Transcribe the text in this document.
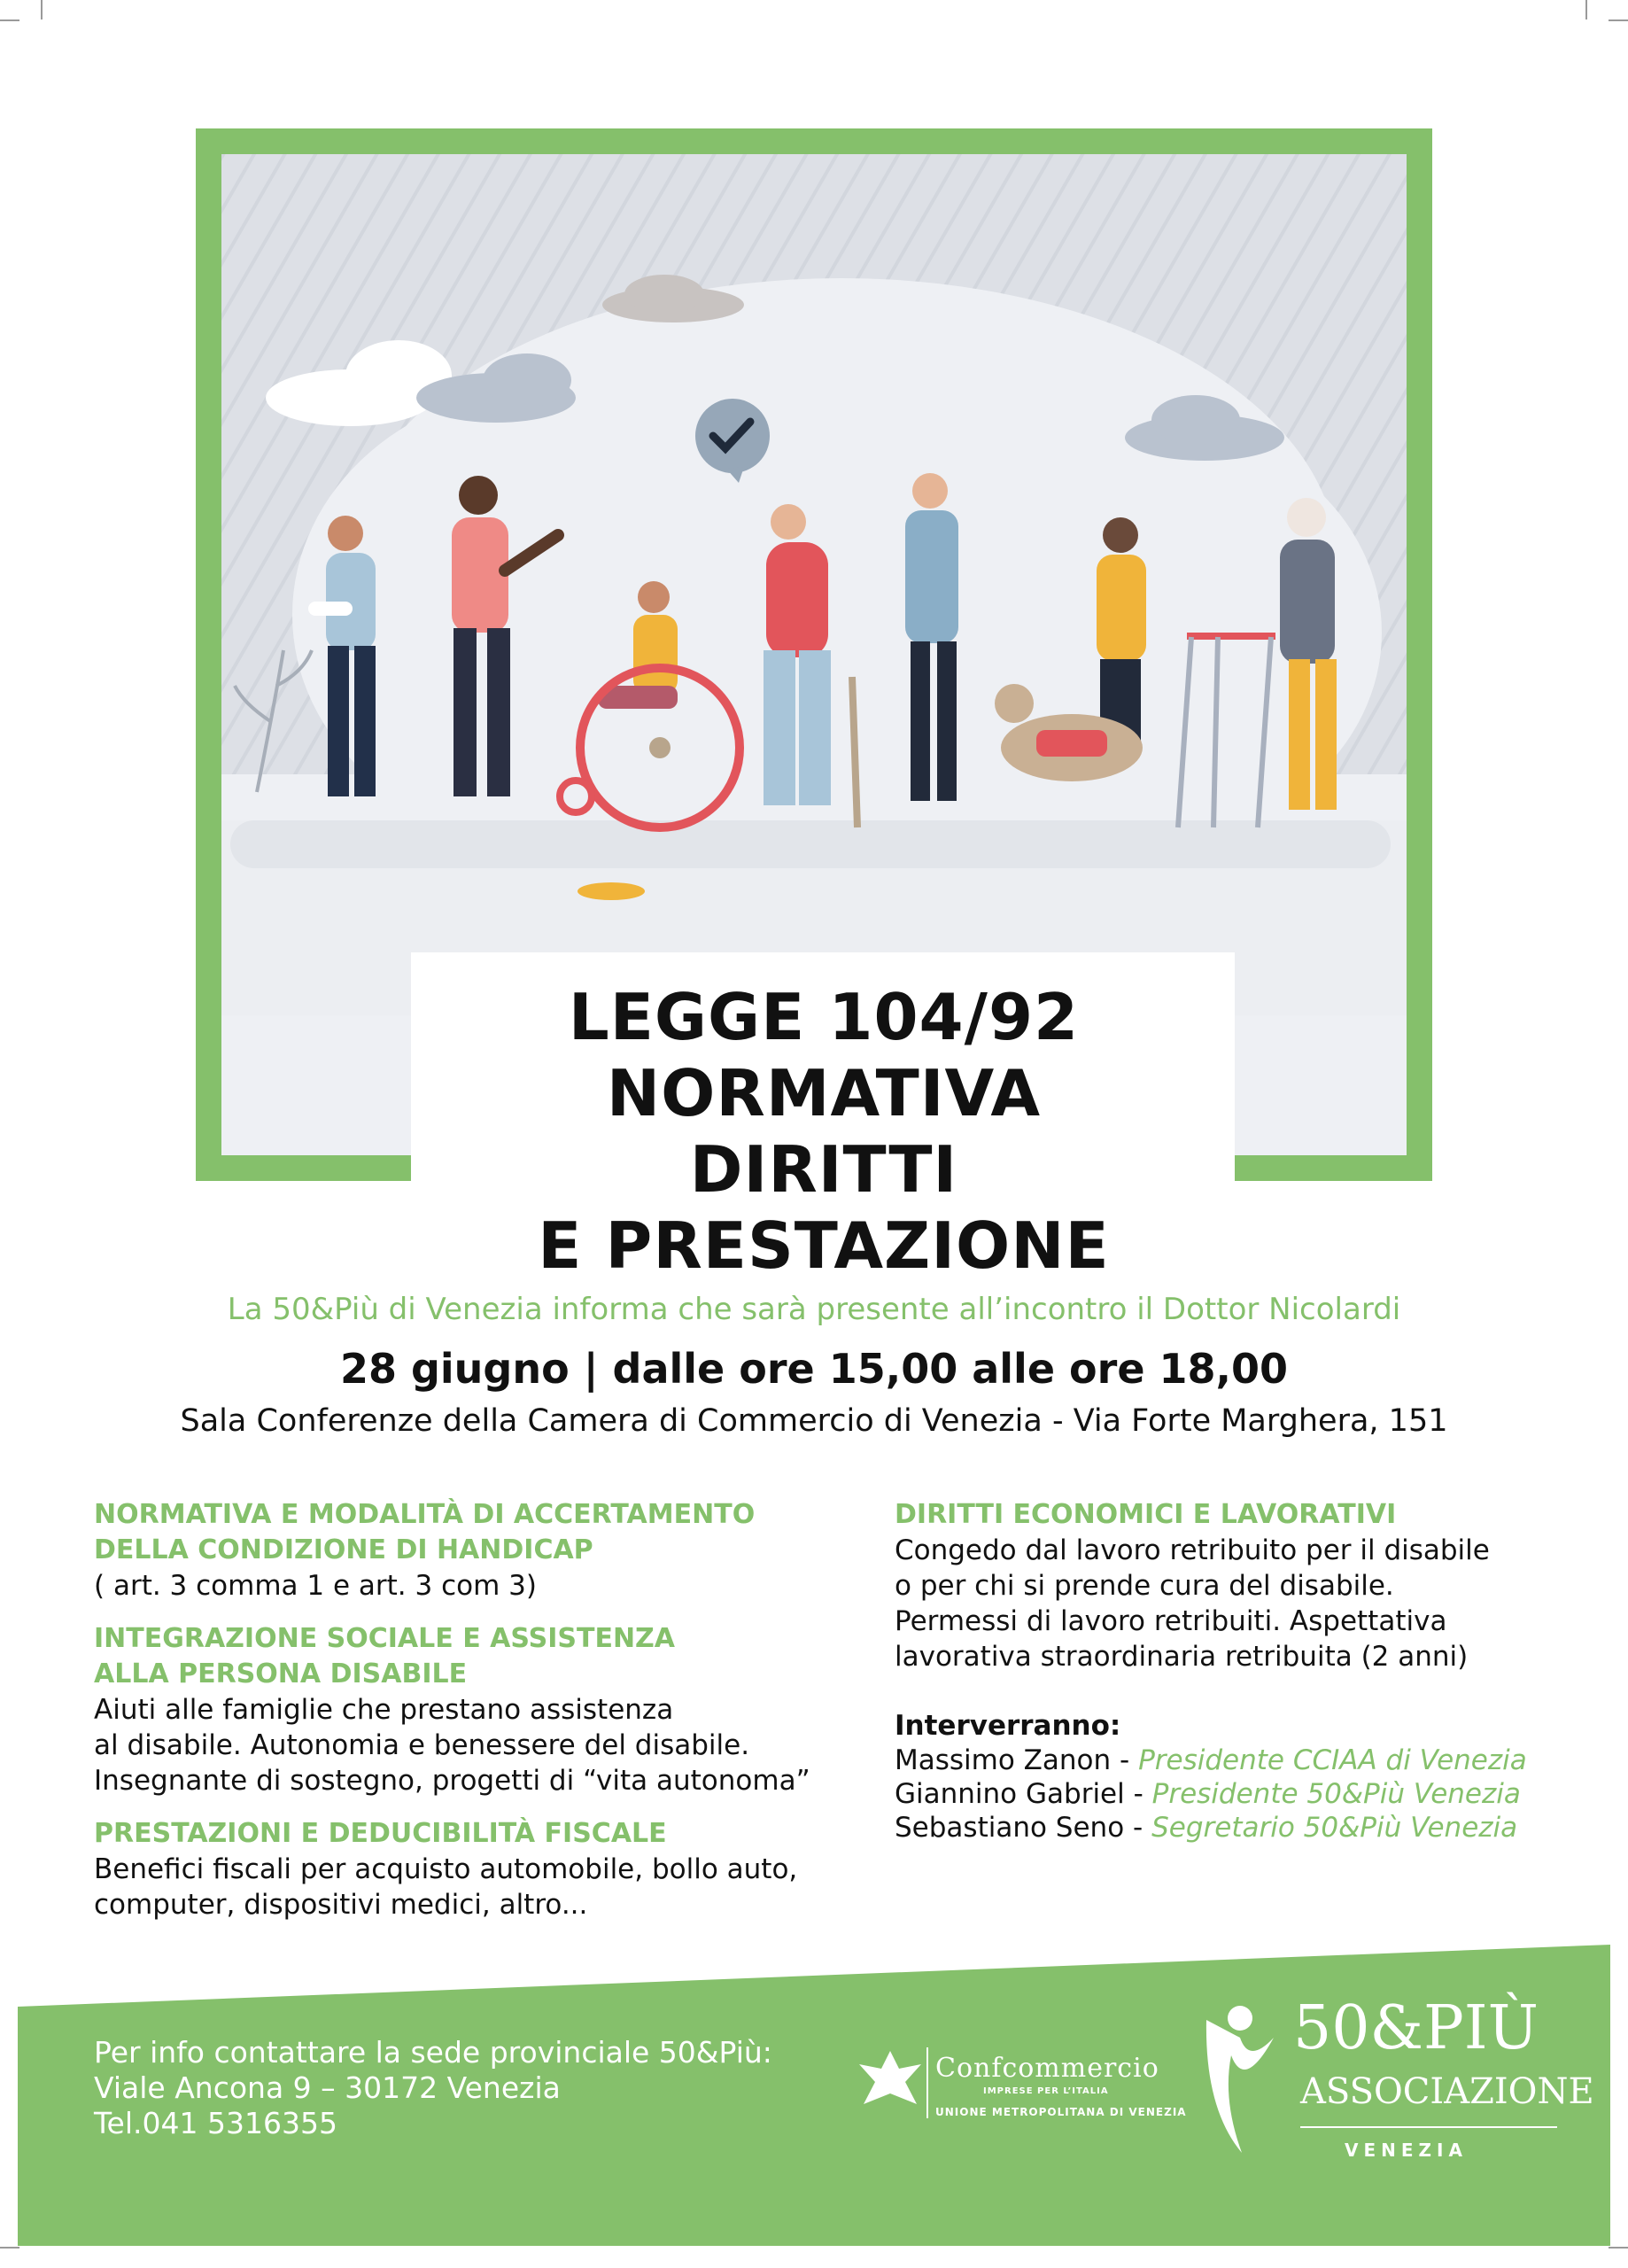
LEGGE 104/92
NORMATIVA
DIRITTI
E PRESTAZIONE
La 50&Più di Venezia informa che sarà presente all’incontro il Dottor Nicolardi
28 giugno | dalle ore 15,00 alle ore 18,00
Sala Conferenze della Camera di Commercio di Venezia - Via Forte Marghera, 151
NORMATIVA E MODALITÀ DI ACCERTAMENTO
DELLA CONDIZIONE DI HANDICAP
( art. 3 comma 1 e art. 3 com 3)
INTEGRAZIONE SOCIALE E ASSISTENZA
ALLA PERSONA DISABILE
Aiuti alle famiglie che prestano assistenza
al disabile. Autonomia e benessere del disabile.
Insegnante di sostegno, progetti di “vita autonoma”
PRESTAZIONI E DEDUCIBILITÀ FISCALE
Benefici fiscali per acquisto automobile, bollo auto,
computer, dispositivi medici, altro...
DIRITTI ECONOMICI E LAVORATIVI
Congedo dal lavoro retribuito per il disabile
o per chi si prende cura del disabile.
Permessi di lavoro retribuiti. Aspettativa
lavorativa straordinaria retribuita (2 anni)
Interverranno:
Massimo Zanon - Presidente CCIAA di Venezia
Giannino Gabriel - Presidente 50&Più Venezia
Sebastiano Seno - Segretario 50&Più Venezia
Per info contattare la sede provinciale 50&Più:
Viale Ancona 9 – 30172 Venezia
Tel.041 5316355
Confcommercio
IMPRESE PER L’ITALIA
UNIONE METROPOLITANA DI VENEZIA
50&PIÙ
ASSOCIAZIONE
VENEZIA
